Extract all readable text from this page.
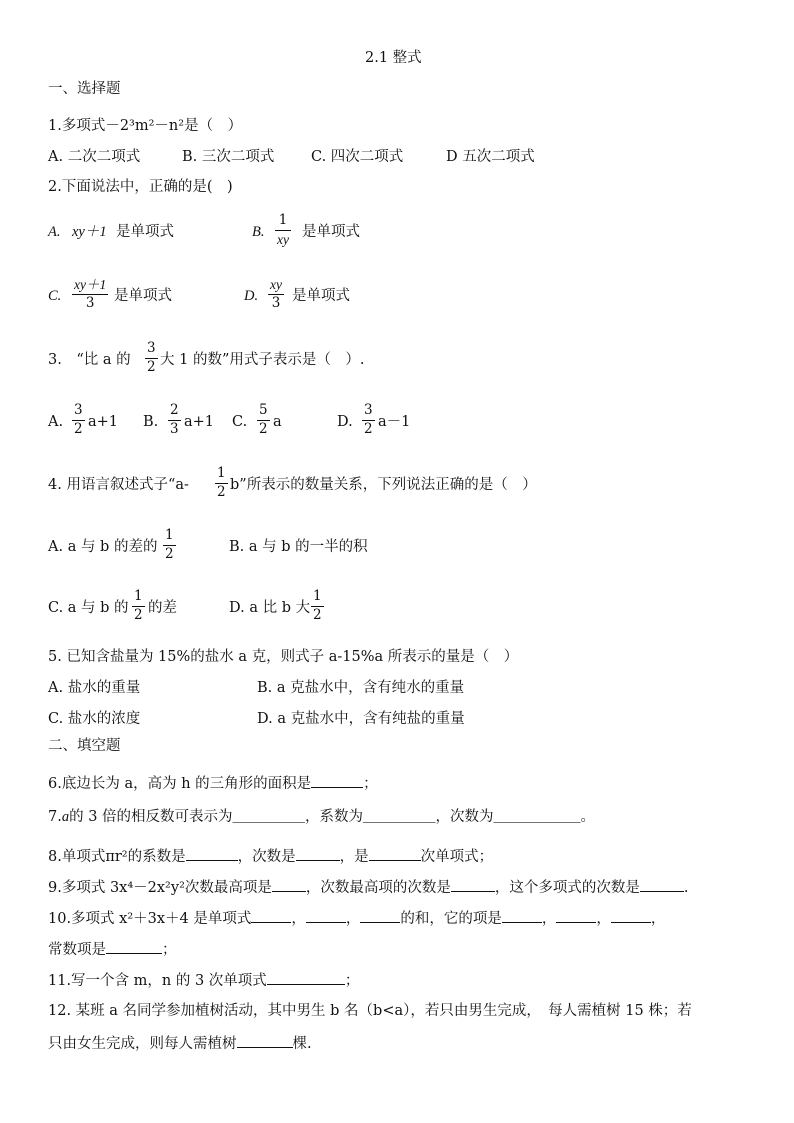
2.1 整式
一、选择题
1.多项式－2³m²－n²是（　）
A. 二次二项式	B. 三次二项式	C. 四次二项式	D 五次二项式
2.下面说法中，正确的是(　)
A. xy＋1 是单项式	B.
1
xy 是单项式
C.
xy＋1
3 是单项式	D.
xy
3 是单项式
3.　“比 a 的
3
2 大 1 的数”用式子表示是（　）.
A.
3
2 a+1 B.
2
3 a+1 C.
5
2 a	D.
3
2 a－1
4. 用语言叙述式子“a-
1
2 b”所表示的数量关系，下列说法正确的是（　）
A. a 与 b 的差的
1
2	B. a 与 b 的一半的积
C. a 与 b 的
1
2 的差	D. a 比 b 大
1
2
5. 已知含盐量为 15%的盐水 a 克，则式子 a-15%a 所表示的量是（　）
A. 盐水的重量	B. a 克盐水中，含有纯水的重量
C. 盐水的浓度	D. a 克盐水中，含有纯盐的重量
二、填空题
6.底边长为 a，高为 h 的三角形的面积是	；
7.a的 3 倍的相反数可表示为＿＿＿＿＿，系数为＿＿＿＿＿，次数为＿＿＿＿＿＿。
8.单项式πr²的系数是	，次数是	，是	次单项式；
9.多项式 3x⁴－2x²y²次数最高项是 ，次数最高项的次数是	，这个多项式的次数是	.
10.多项式 x²＋3x＋4 是单项式	，	，	的和，它的项是	，	，	，
常数项是	；
11.写一个含 m，n 的 3 次单项式	；
12. 某班 a 名同学参加植树活动，其中男生 b 名（b<a），若只由男生完成，　每人需植树 15 株；若
只由女生完成，则每人需植树	棵.
